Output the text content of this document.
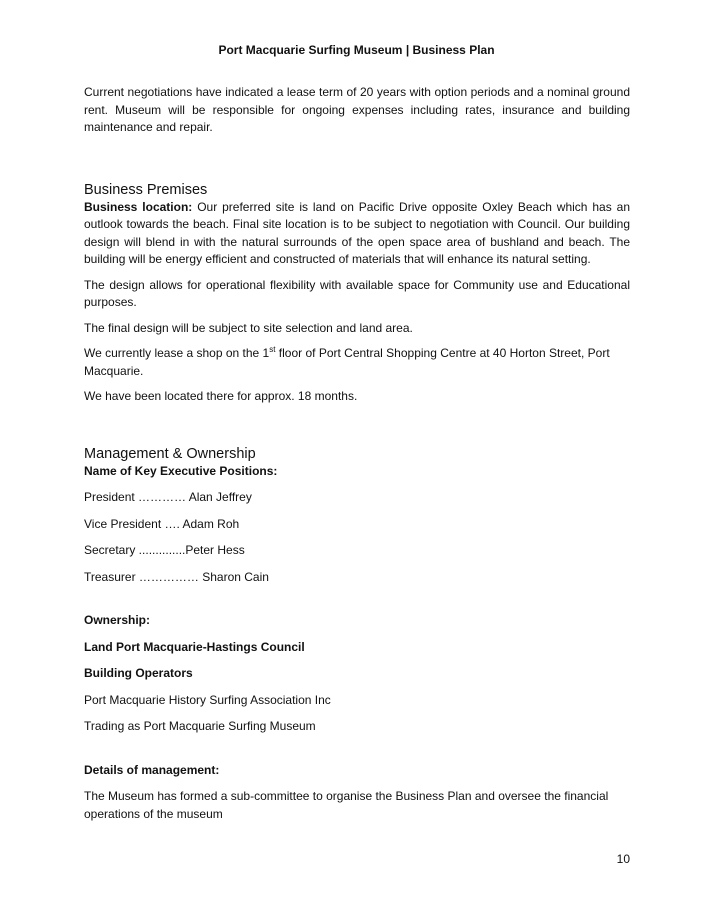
Port Macquarie Surfing Museum | Business Plan

Current negotiations have indicated a lease term of 20 years with option periods and a nominal ground rent. Museum will be responsible for ongoing expenses including rates, insurance and building maintenance and repair.

Business Premises

Business location: Our preferred site is land on Pacific Drive opposite Oxley Beach which has an outlook towards the beach. Final site location is to be subject to negotiation with Council. Our building design will blend in with the natural surrounds of the open space area of bushland and beach. The building will be energy efficient and constructed of materials that will enhance its natural setting.

The design allows for operational flexibility with available space for Community use and Educational purposes.

The final design will be subject to site selection and land area.

We currently lease a shop on the 1st floor of Port Central Shopping Centre at 40 Horton Street, Port Macquarie.

We have been located there for approx. 18 months.

Management & Ownership

Name of Key Executive Positions:

President ………… Alan Jeffrey

Vice President …. Adam Roh

Secretary ..............Peter Hess

Treasurer …………… Sharon Cain

Ownership:

Land Port Macquarie-Hastings Council

Building Operators

Port Macquarie History Surfing Association Inc

Trading as Port Macquarie Surfing Museum

Details of management:

The Museum has formed a sub-committee to organise the Business Plan and oversee the financial operations of the museum

10
